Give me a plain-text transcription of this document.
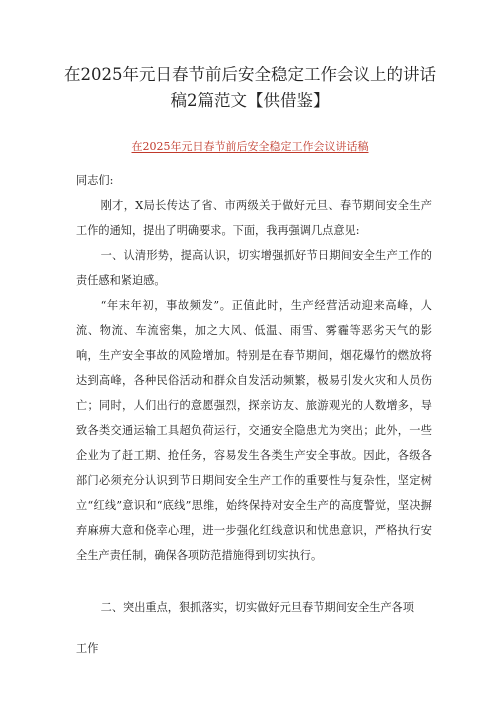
在2025年元日春节前后安全稳定工作会议上的讲话
稿2篇范文【供借鉴】
在2025年元日春节前后安全稳定工作会议讲话稿

同志们:

刚才，X局长传达了省、市两级关于做好元旦、春节期间安全生产工作的通知，提出了明确要求。下面，我再强调几点意见:

一、认清形势，提高认识，切实增强抓好节日期间安全生产工作的责任感和紧迫感。

“年末年初，事故频发”。正值此时，生产经营活动迎来高峰，人流、物流、车流密集，加之大风、低温、雨雪、雾霾等恶劣天气的影响，生产安全事故的风险增加。特别是在春节期间，烟花爆竹的燃放将达到高峰，各种民俗活动和群众自发活动频繁，极易引发火灾和人员伤亡；同时，人们出行的意愿强烈，探亲访友、旅游观光的人数增多，导致各类交通运输工具超负荷运行，交通安全隐患尤为突出；此外，一些企业为了赶工期、抢任务，容易发生各类生产安全事故。因此，各级各部门必须充分认识到节日期间安全生产工作的重要性与复杂性，坚定树立“红线”意识和“底线”思维，始终保持对安全生产的高度警觉，坚决摒弃麻痹大意和侥幸心理，进一步强化红线意识和忧患意识，严格执行安全生产责任制，确保各项防范措施得到切实执行。

二、突出重点，狠抓落实，切实做好元旦春节期间安全生产各项

工作
